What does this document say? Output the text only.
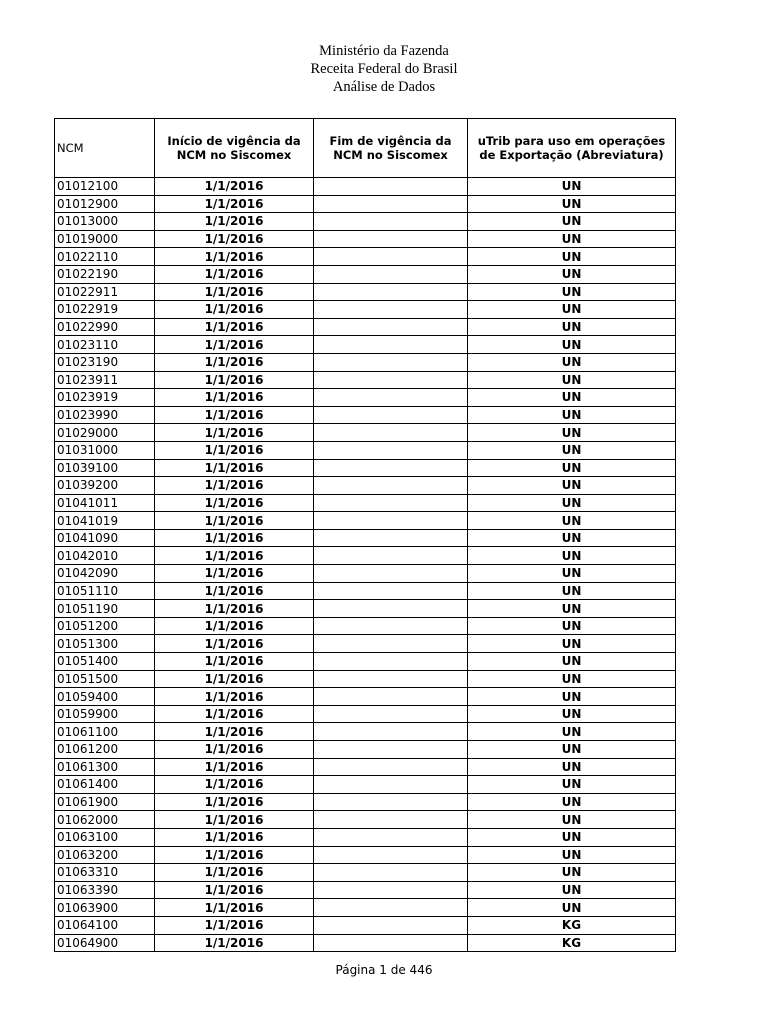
Ministério da Fazenda
Receita Federal do Brasil
Análise de Dados
NCM	Início de vigência da NCM no Siscomex	Fim de vigência da NCM no Siscomex	uTrib para uso em operações de Exportação (Abreviatura)
01012100	1/1/2016		UN
01012900	1/1/2016		UN
01013000	1/1/2016		UN
01019000	1/1/2016		UN
01022110	1/1/2016		UN
01022190	1/1/2016		UN
01022911	1/1/2016		UN
01022919	1/1/2016		UN
01022990	1/1/2016		UN
01023110	1/1/2016		UN
01023190	1/1/2016		UN
01023911	1/1/2016		UN
01023919	1/1/2016		UN
01023990	1/1/2016		UN
01029000	1/1/2016		UN
01031000	1/1/2016		UN
01039100	1/1/2016		UN
01039200	1/1/2016		UN
01041011	1/1/2016		UN
01041019	1/1/2016		UN
01041090	1/1/2016		UN
01042010	1/1/2016		UN
01042090	1/1/2016		UN
01051110	1/1/2016		UN
01051190	1/1/2016		UN
01051200	1/1/2016		UN
01051300	1/1/2016		UN
01051400	1/1/2016		UN
01051500	1/1/2016		UN
01059400	1/1/2016		UN
01059900	1/1/2016		UN
01061100	1/1/2016		UN
01061200	1/1/2016		UN
01061300	1/1/2016		UN
01061400	1/1/2016		UN
01061900	1/1/2016		UN
01062000	1/1/2016		UN
01063100	1/1/2016		UN
01063200	1/1/2016		UN
01063310	1/1/2016		UN
01063390	1/1/2016		UN
01063900	1/1/2016		UN
01064100	1/1/2016		KG
01064900	1/1/2016		KG
Página 1 de 446
